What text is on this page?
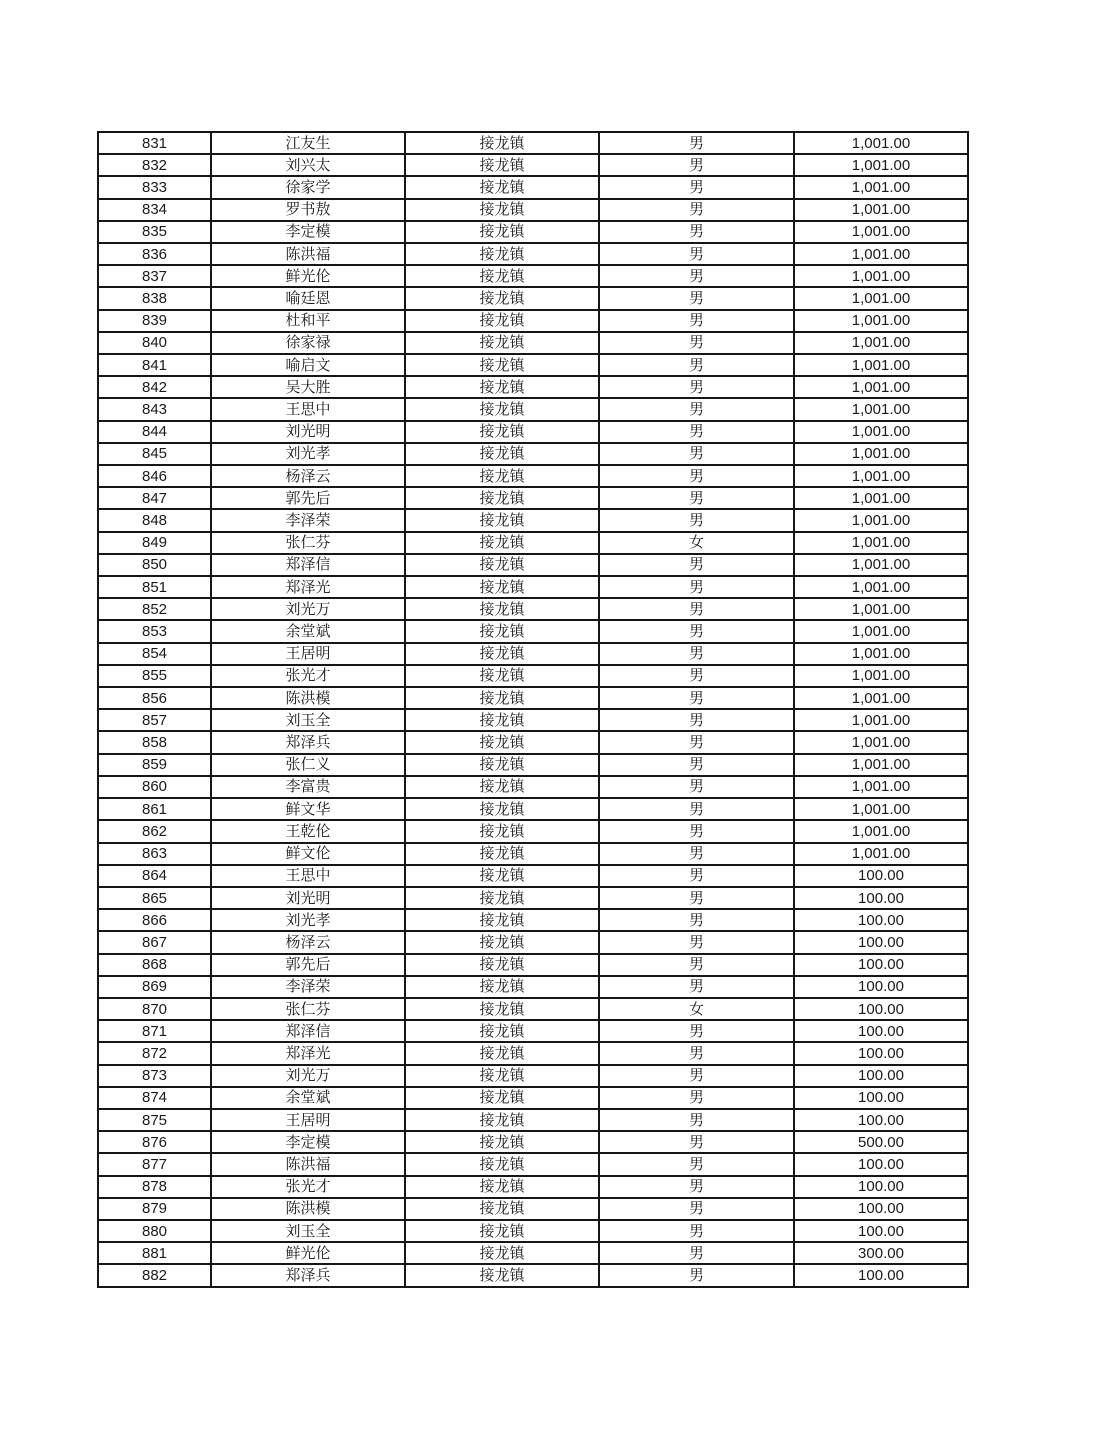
831	江友生	接龙镇	男	1,001.00
832	刘兴太	接龙镇	男	1,001.00
833	徐家学	接龙镇	男	1,001.00
834	罗书敖	接龙镇	男	1,001.00
835	李定模	接龙镇	男	1,001.00
836	陈洪福	接龙镇	男	1,001.00
837	鲜光伦	接龙镇	男	1,001.00
838	喻廷恩	接龙镇	男	1,001.00
839	杜和平	接龙镇	男	1,001.00
840	徐家禄	接龙镇	男	1,001.00
841	喻启文	接龙镇	男	1,001.00
842	吴大胜	接龙镇	男	1,001.00
843	王思中	接龙镇	男	1,001.00
844	刘光明	接龙镇	男	1,001.00
845	刘光孝	接龙镇	男	1,001.00
846	杨泽云	接龙镇	男	1,001.00
847	郭先后	接龙镇	男	1,001.00
848	李泽荣	接龙镇	男	1,001.00
849	张仁芬	接龙镇	女	1,001.00
850	郑泽信	接龙镇	男	1,001.00
851	郑泽光	接龙镇	男	1,001.00
852	刘光万	接龙镇	男	1,001.00
853	余堂斌	接龙镇	男	1,001.00
854	王居明	接龙镇	男	1,001.00
855	张光才	接龙镇	男	1,001.00
856	陈洪模	接龙镇	男	1,001.00
857	刘玉全	接龙镇	男	1,001.00
858	郑泽兵	接龙镇	男	1,001.00
859	张仁义	接龙镇	男	1,001.00
860	李富贵	接龙镇	男	1,001.00
861	鲜文华	接龙镇	男	1,001.00
862	王乾伦	接龙镇	男	1,001.00
863	鲜文伦	接龙镇	男	1,001.00
864	王思中	接龙镇	男	100.00
865	刘光明	接龙镇	男	100.00
866	刘光孝	接龙镇	男	100.00
867	杨泽云	接龙镇	男	100.00
868	郭先后	接龙镇	男	100.00
869	李泽荣	接龙镇	男	100.00
870	张仁芬	接龙镇	女	100.00
871	郑泽信	接龙镇	男	100.00
872	郑泽光	接龙镇	男	100.00
873	刘光万	接龙镇	男	100.00
874	余堂斌	接龙镇	男	100.00
875	王居明	接龙镇	男	100.00
876	李定模	接龙镇	男	500.00
877	陈洪福	接龙镇	男	100.00
878	张光才	接龙镇	男	100.00
879	陈洪模	接龙镇	男	100.00
880	刘玉全	接龙镇	男	100.00
881	鲜光伦	接龙镇	男	300.00
882	郑泽兵	接龙镇	男	100.00
